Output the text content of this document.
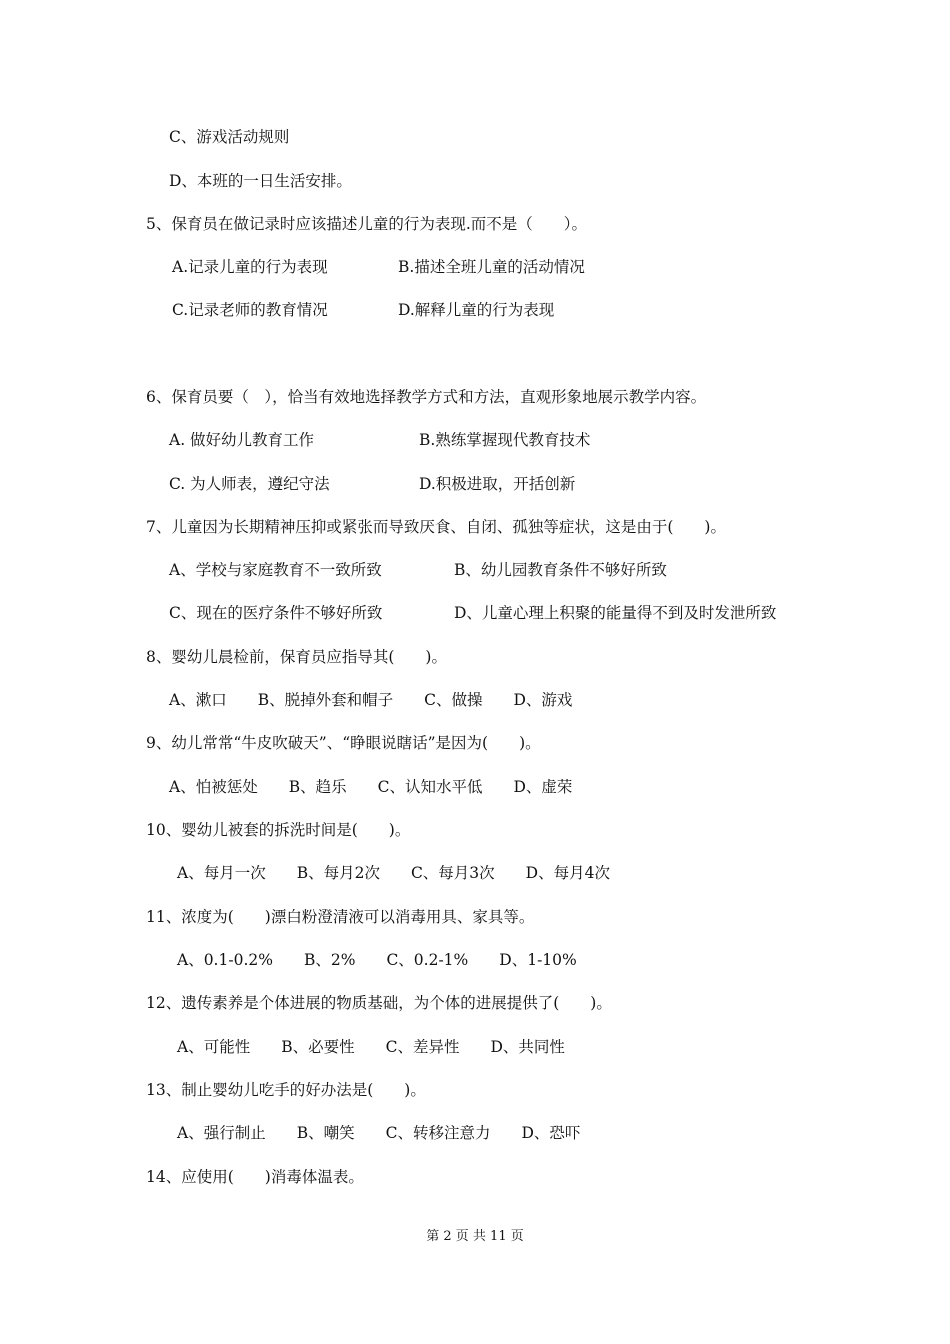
C、游戏活动规则
D、本班的一日生活安排。
5、保育员在做记录时应该描述儿童的行为表现.而不是（　　）。
A.记录儿童的行为表现	B.描述全班儿童的活动情况
C.记录老师的教育情况	D.解释儿童的行为表现
6、保育员要（　），恰当有效地选择教学方式和方法，直观形象地展示教学内容。
A. 做好幼儿教育工作	B.熟练掌握现代教育技术
C. 为人师表，遵纪守法	D.积极进取，开括创新
7、儿童因为长期精神压抑或紧张而导致厌食、自闭、孤独等症状，这是由于(　　)。
A、学校与家庭教育不一致所致	B、幼儿园教育条件不够好所致
C、现在的医疗条件不够好所致	D、儿童心理上积聚的能量得不到及时发泄所致
8、婴幼儿晨检前，保育员应指导其(　　)。
A、漱口　　B、脱掉外套和帽子　　C、做操　　D、游戏
9、幼儿常常“牛皮吹破天”、“睁眼说瞎话”是因为(　　)。
A、怕被惩处　　B、趋乐　　C、认知水平低　　D、虚荣
10、婴幼儿被套的拆洗时间是(　　)。
A、每月一次　　B、每月2次　　C、每月3次　　D、每月4次
11、浓度为(　　)漂白粉澄清液可以消毒用具、家具等。
A、0.1-0.2%　　B、2%　　C、0.2-1%　　D、1-10%
12、遗传素养是个体进展的物质基础，为个体的进展提供了(　　)。
A、可能性　　B、必要性　　C、差异性　　D、共同性
13、制止婴幼儿吃手的好办法是(　　)。
A、强行制止　　B、嘲笑　　C、转移注意力　　D、恐吓
14、应使用(　　)消毒体温表。
第 2 页 共 11 页
